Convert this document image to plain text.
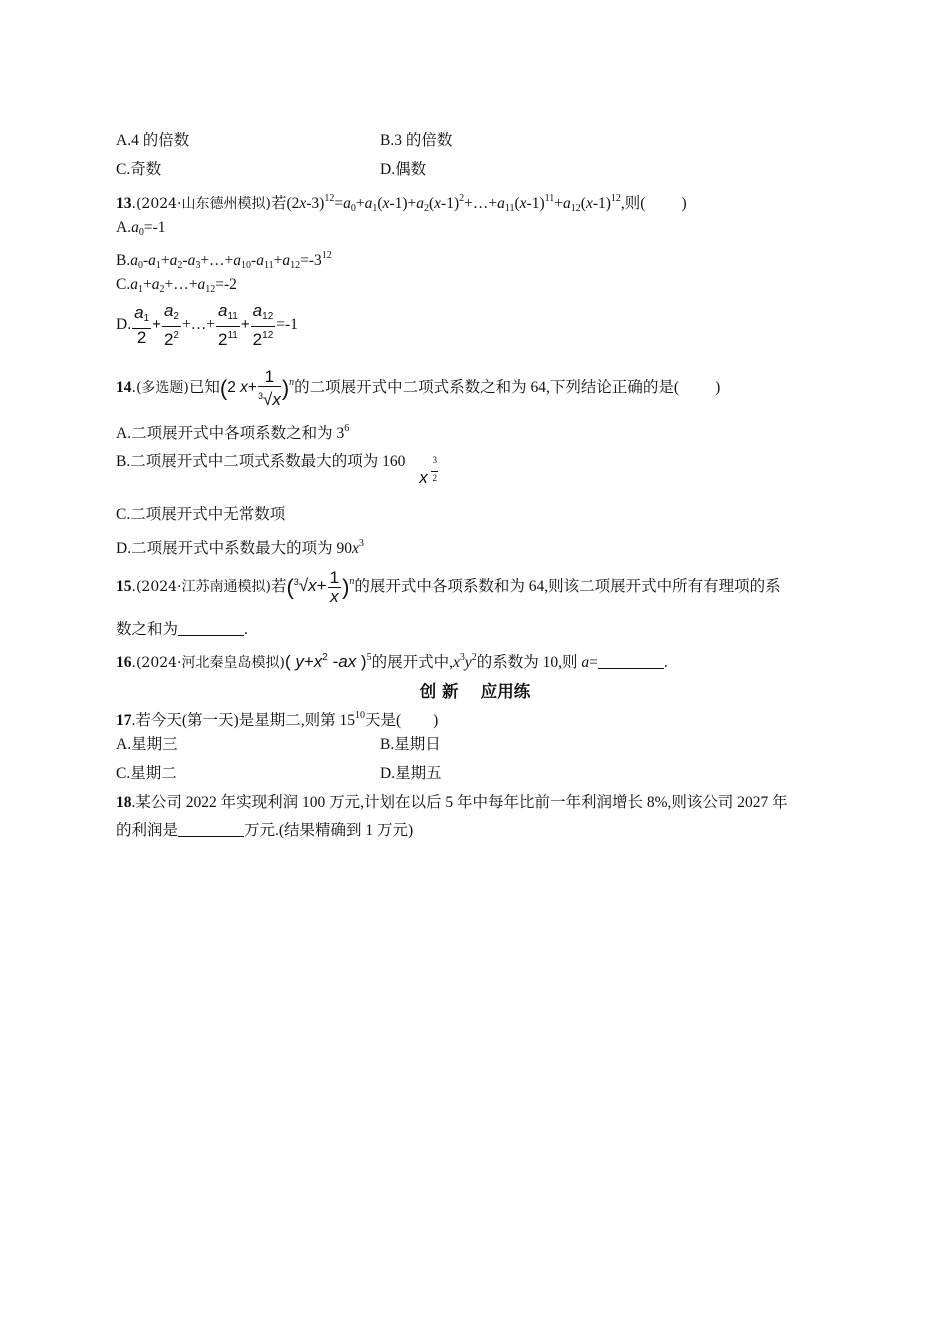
A.4 的倍数	B.3 的倍数
C.奇数	D.偶数
13.(2024·山东德州模拟)若$(2x-3)^{12}=a_0+a_1(x-1)+a_2(x-1)^2+\dots+a_{11}(x-1)^{11}+a_{12}(x-1)^{12}$,则( )
$A.a_0=-1$
$B.a_0-a_1+a_2-a_3+\dots+a_{10}-a_{11}+a_{12}=-3^{12}$
$C.a_1+a_2+\dots+a_{12}=-2$
D. $\frac{a_1}{2} + \frac{a_2}{2^2}$ +…+ $\frac{a_{11}}{2^{11}} + \frac{a_{12}}{2^{12}} =-1$
14.(多选题)已知(2 $x+ \frac{1}{^3√x} )^n$的二项展开式中二项式系数之和为 64,下列结论正确的是( )
A.二项展开式中各项系数之和为 $3^6$
B.二项展开式中二项式系数最大的项为 160
x
3

2
C.二项展开式中无常数项
D.二项展开式中系数最大的项为 $90x^3$
15.(2024·江苏南通模拟)若$(^3√x+ \frac{1}{x} )^n$的展开式中各项系数和为 64,则该二项展开式中所有有理项的系
数之和为	.
16.(2024·河北秦皇岛模拟)( $y+x^2$ -ax )$^5$的展开式中$,x^3y^2$的系数为 10,则 a=	.
创 新　 应用练
17.若今天(第一天)是星期二,则第 $15^{10}$天是( )
A.星期三	B.星期日
C.星期二	D.星期五
18.某公司 2022 年实现利润 100 万元,计划在以后 5 年中每年比前一年利润增长 8%,则该公司 2027 年
的利润是	万元.(结果精确到 1 万元)
